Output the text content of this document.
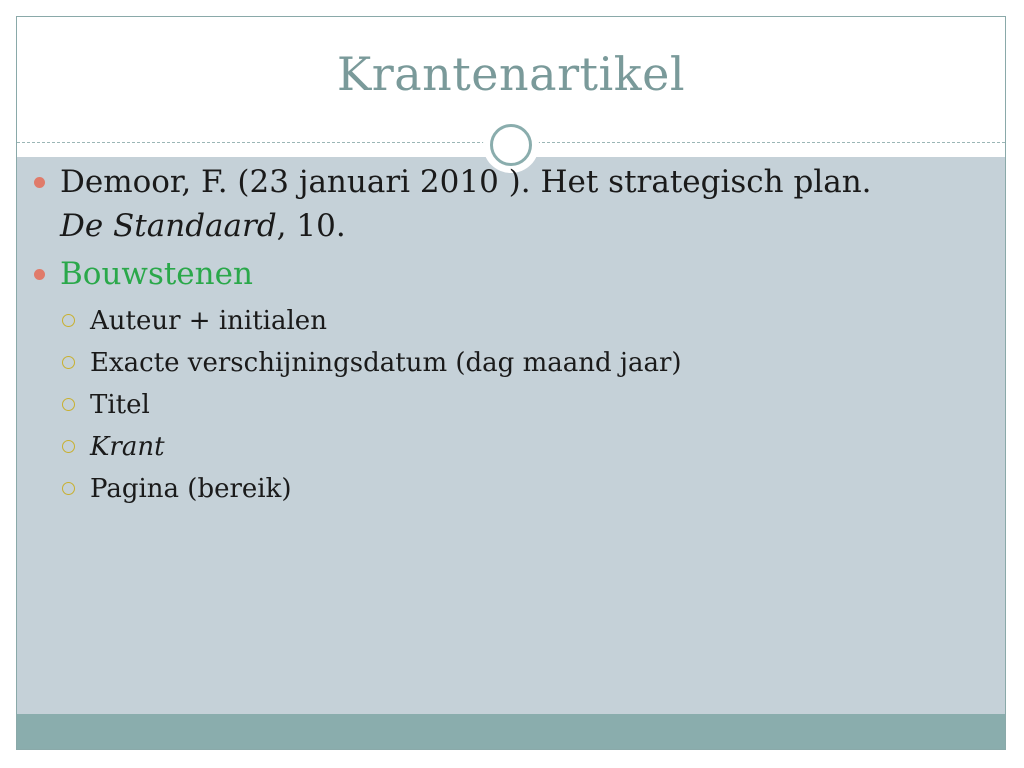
Krantenartikel
Demoor, F. (23 januari 2010 ). Het strategisch plan.
De Standaard, 10.
Bouwstenen
Auteur + initialen
Exacte verschijningsdatum (dag maand jaar)
Titel
Krant
Pagina (bereik)
